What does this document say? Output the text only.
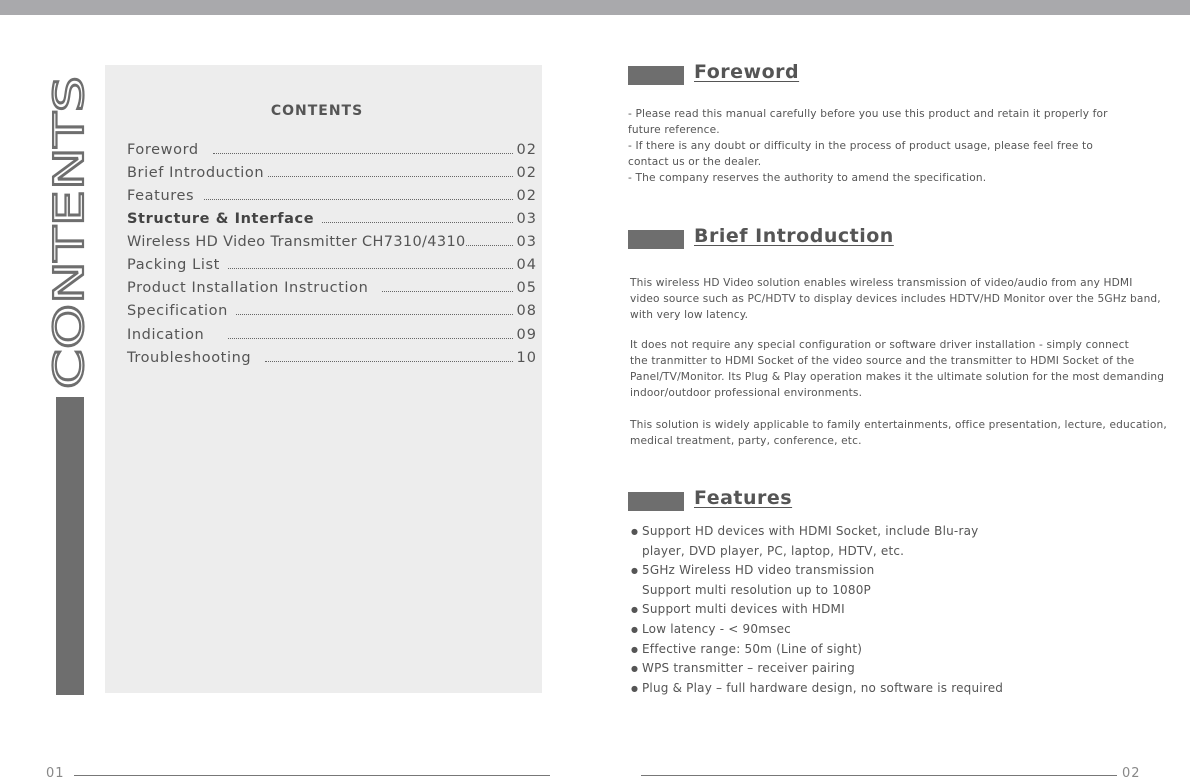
CONTENTS
CONTENTS
Foreword	02
Brief Introduction	02
Features	02
Structure & Interface	03
Wireless HD Video Transmitter CH7310/4310	03
Packing List	04
Product Installation Instruction	05
Specification	08
Indication	09
Troubleshooting	10
01
Foreword
- Please read this manual carefully before you use this product and retain it properly for
future reference.
- If there is any doubt or difficulty in the process of product usage, please feel free to
contact us or the dealer.
- The company reserves the authority to amend the specification.
Brief Introduction
This wireless HD Video solution enables wireless transmission of video/audio from any HDMI
video source such as PC/HDTV to display devices includes HDTV/HD Monitor over the 5GHz band,
with very low latency.
It does not require any special configuration or software driver installation - simply connect
the tranmitter to HDMI Socket of the video source and the transmitter to HDMI Socket of the
Panel/TV/Monitor. Its Plug & Play operation makes it the ultimate solution for the most demanding
indoor/outdoor professional environments.
This solution is widely applicable to family entertainments, office presentation, lecture, education,
medical treatment, party, conference, etc.
Features
● Support HD devices with HDMI Socket, include Blu-ray
player, DVD player, PC, laptop, HDTV, etc.
● 5GHz Wireless HD video transmission
Support multi resolution up to 1080P
● Support multi devices with HDMI
● Low latency - < 90msec
● Effective range: 50m (Line of sight)
● WPS transmitter – receiver pairing
● Plug & Play – full hardware design, no software is required
02
